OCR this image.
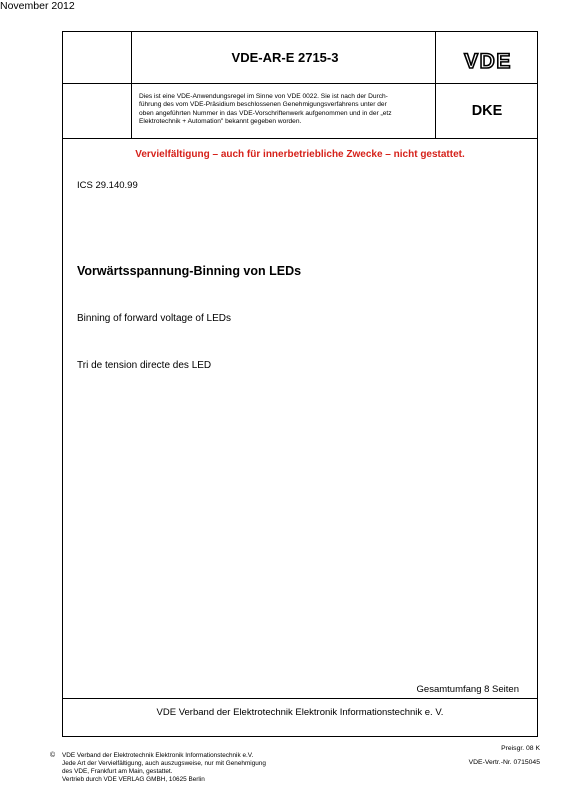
November 2012
VDE-AR-E 2715-3
Dies ist eine VDE-Anwendungsregel im Sinne von VDE 0022. Sie ist nach der Durch-
führung des vom VDE-Präsidium beschlossenen Genehmigungsverfahrens unter der
oben angeführten Nummer in das VDE-Vorschriftenwerk aufgenommen und in der „etz
Elektrotechnik + Automation" bekannt gegeben worden.
VDE
DKE
Vervielfältigung – auch für innerbetriebliche Zwecke – nicht gestattet.
ICS 29.140.99
Vorwärtsspannung-Binning von LEDs
Binning of forward voltage of LEDs
Tri de tension directe des LED
Gesamtumfang 8 Seiten
VDE Verband der Elektrotechnik Elektronik Informationstechnik e. V.
© VDE Verband der Elektrotechnik Elektronik Informationstechnik e.V.
Jede Art der Vervielfältigung, auch auszugsweise, nur mit Genehmigung
des VDE, Frankfurt am Main, gestattet.
Vertrieb durch VDE VERLAG GMBH, 10625 Berlin
Preisgr. 08 K
VDE-Vertr.-Nr. 0715045
